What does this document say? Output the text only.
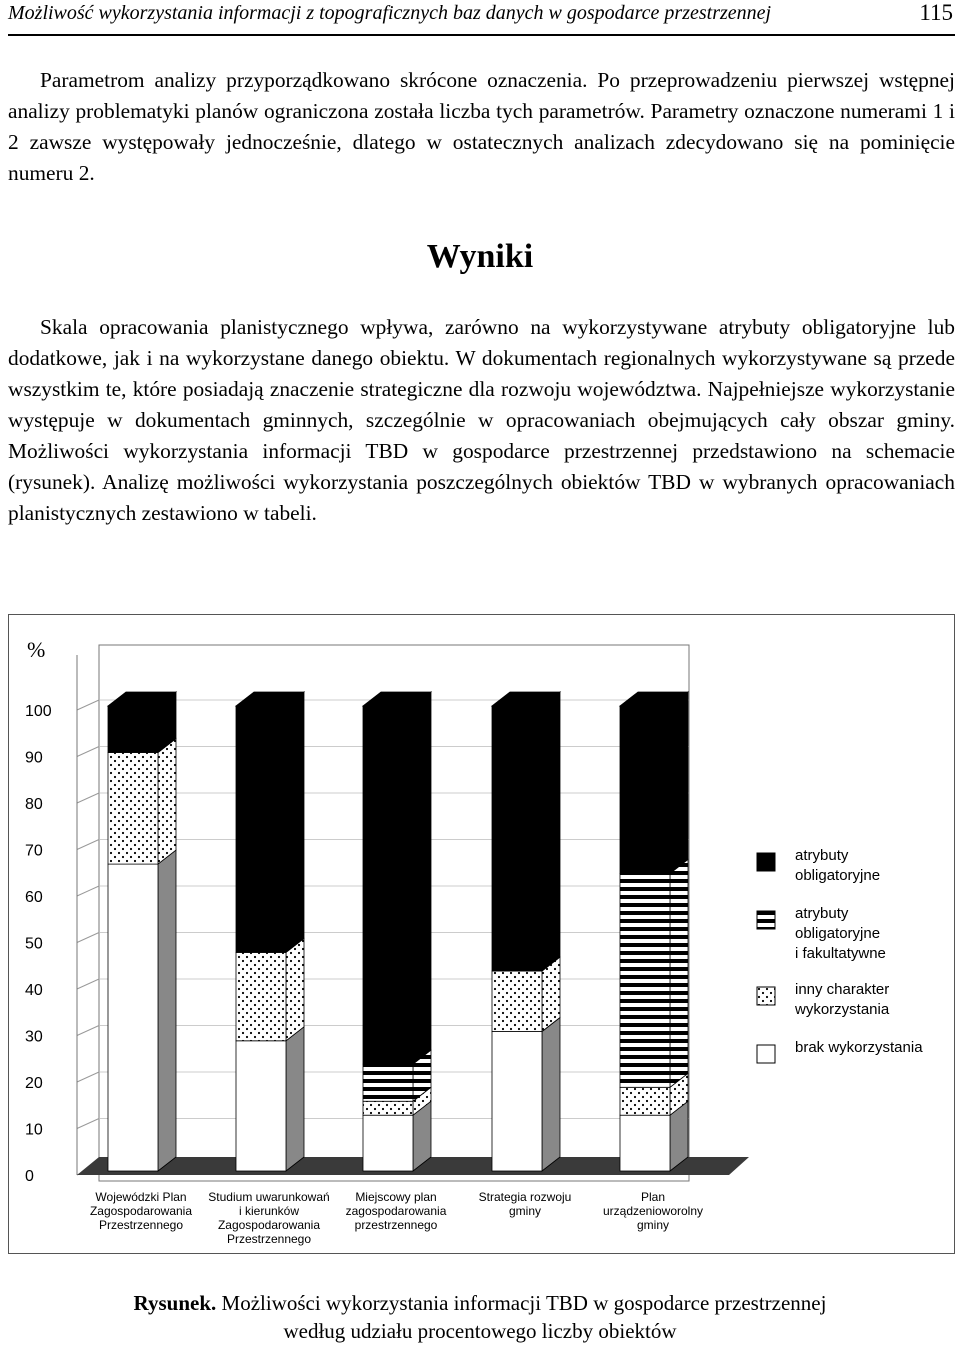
Możliwość wykorzystania informacji z topograficznych baz danych w gospodarce przestrzennej	115

Parametrom analizy przyporządkowano skrócone oznaczenia. Po przeprowadzeniu pierwszej wstępnej analizy problematyki planów ograniczona została liczba tych parametrów. Parametry oznaczone numerami 1 i 2 zawsze występowały jednocześnie, dlatego w ostatecznych analizach zdecydowano się na pominięcie numeru 2.

Wyniki

Skala opracowania planistycznego wpływa, zarówno na wykorzystywane atrybuty obligatoryjne lub dodatkowe, jak i na wykorzystane danego obiektu. W dokumentach regionalnych wykorzystywane są przede wszystkim te, które posiadają znaczenie strategiczne dla rozwoju województwa. Najpełniejsze wykorzystanie występuje w dokumentach gminnych, szczególnie w opracowaniach obejmujących cały obszar gminy. Możliwości wykorzystania informacji TBD w gospodarce przestrzennej przedstawiono na schemacie (rysunek). Analizę możliwości wykorzystania poszczególnych obiektów TBD w wybranych opracowaniach planistycznych zestawiono w tabeli.

0
10
20
30
40
50
60
70
80
90
100
%
Wojewódzki Plan Zagospodarowania Przestrzennego
Studium uwarunkowań i kierunków Zagospodarowania Przestrzennego
Miejscowy plan zagospodarowania przestrzennego
Strategia rozwoju gminy
Plan urządzenioworolny gminy
atrybuty obligatoryjne
atrybuty obligatoryjne i fakultatywne
inny charakter wykorzystania
brak wykorzystania
Rysunek. Możliwości wykorzystania informacji TBD w gospodarce przestrzennej
według udziału procentowego liczby obiektów
